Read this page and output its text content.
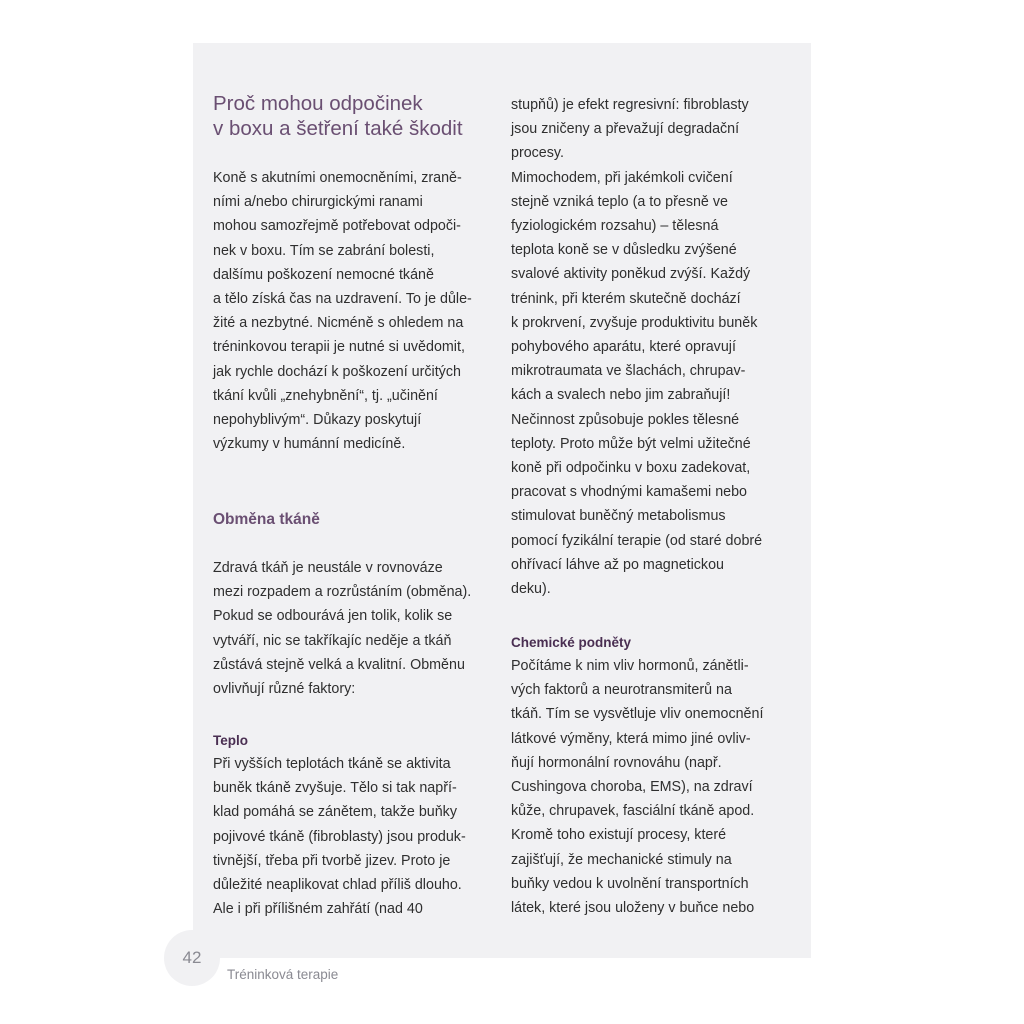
Proč mohou odpočinek
v boxu a šetření také škodit

Koně s akutními onemocněními, zraně-
ními a/nebo chirurgickými ranami
mohou samozřejmě potřebovat odpoči-
nek v boxu. Tím se zabrání bolesti,
dalšímu poškození nemocné tkáně
a tělo získá čas na uzdravení. To je důle-
žité a nezbytné. Nicméně s ohledem na
tréninkovou terapii je nutné si uvědomit,
jak rychle dochází k poškození určitých
tkání kvůli „znehybnění“, tj. „učinění
nepohyblivým“. Důkazy poskytují
výzkumy v humánní medicíně.

Obměna tkáně

Zdravá tkáň je neustále v rovnováze
mezi rozpadem a rozrůstáním (obměna).
Pokud se odbourává jen tolik, kolik se
vytváří, nic se takříkajíc neděje a tkáň
zůstává stejně velká a kvalitní. Obměnu
ovlivňují různé faktory:

Teplo

Při vyšších teplotách tkáně se aktivita
buněk tkáně zvyšuje. Tělo si tak napří-
klad pomáhá se zánětem, takže buňky
pojivové tkáně (fibroblasty) jsou produk-
tivnější, třeba při tvorbě jizev. Proto je
důležité neaplikovat chlad příliš dlouho.
Ale i při přílišném zahřátí (nad 40

stupňů) je efekt regresivní: fibroblasty
jsou zničeny a převažují degradační
procesy.
Mimochodem, při jakémkoli cvičení
stejně vzniká teplo (a to přesně ve
fyziologickém rozsahu) – tělesná
teplota koně se v důsledku zvýšené
svalové aktivity poněkud zvýší. Každý
trénink, při kterém skutečně dochází
k prokrvení, zvyšuje produktivitu buněk
pohybového aparátu, které opravují
mikrotraumata ve šlachách, chrupav-
kách a svalech nebo jim zabraňují!
Nečinnost způsobuje pokles tělesné
teploty. Proto může být velmi užitečné
koně při odpočinku v boxu zadekovat,
pracovat s vhodnými kamašemi nebo
stimulovat buněčný metabolismus
pomocí fyzikální terapie (od staré dobré
ohřívací láhve až po magnetickou
deku).

Chemické podněty

Počítáme k nim vliv hormonů, zánětli-
vých faktorů a neurotransmiterů na
tkáň. Tím se vysvětluje vliv onemocnění
látkové výměny, která mimo jiné ovliv-
ňují hormonální rovnováhu (např.
Cushingova choroba, EMS), na zdraví
kůže, chrupavek, fasciální tkáně apod.
Kromě toho existují procesy, které
zajišťují, že mechanické stimuly na
buňky vedou k uvolnění transportních
látek, které jsou uloženy v buňce nebo

42
Tréninková terapie
